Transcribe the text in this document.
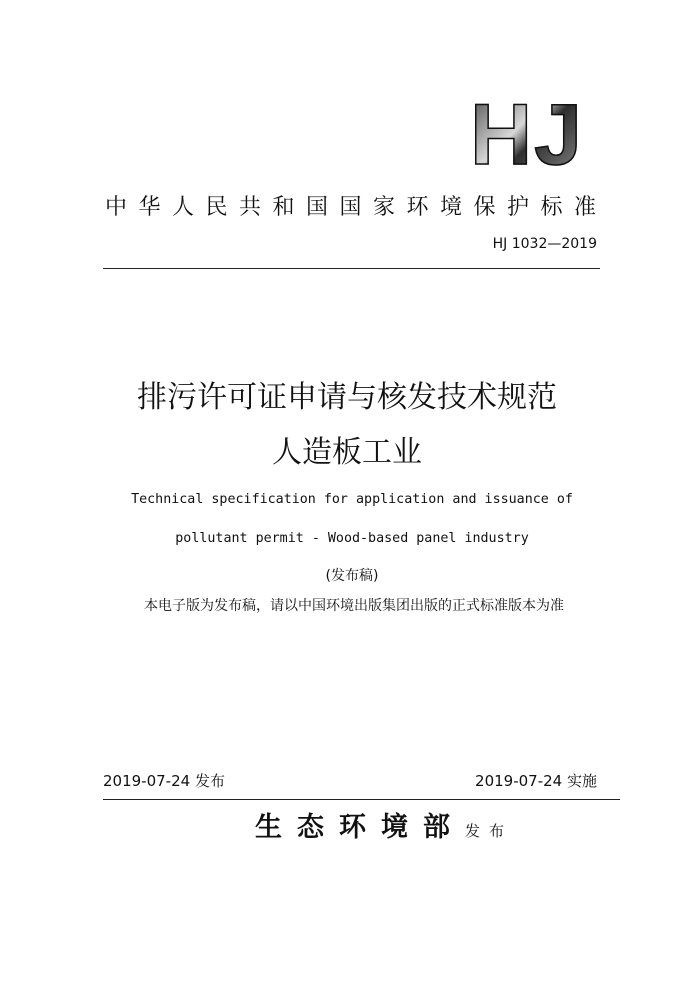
HJ
中华人民共和国国家环境保护标准
HJ 1032—2019
排污许可证申请与核发技术规范
人造板工业
Technical specification for application and issuance of
pollutant permit - Wood-based panel industry
(发布稿)
本电子版为发布稿，请以中国环境出版集团出版的正式标准版本为准
2019-07-24 发布	2019-07-24 实施
生态环境部发布
